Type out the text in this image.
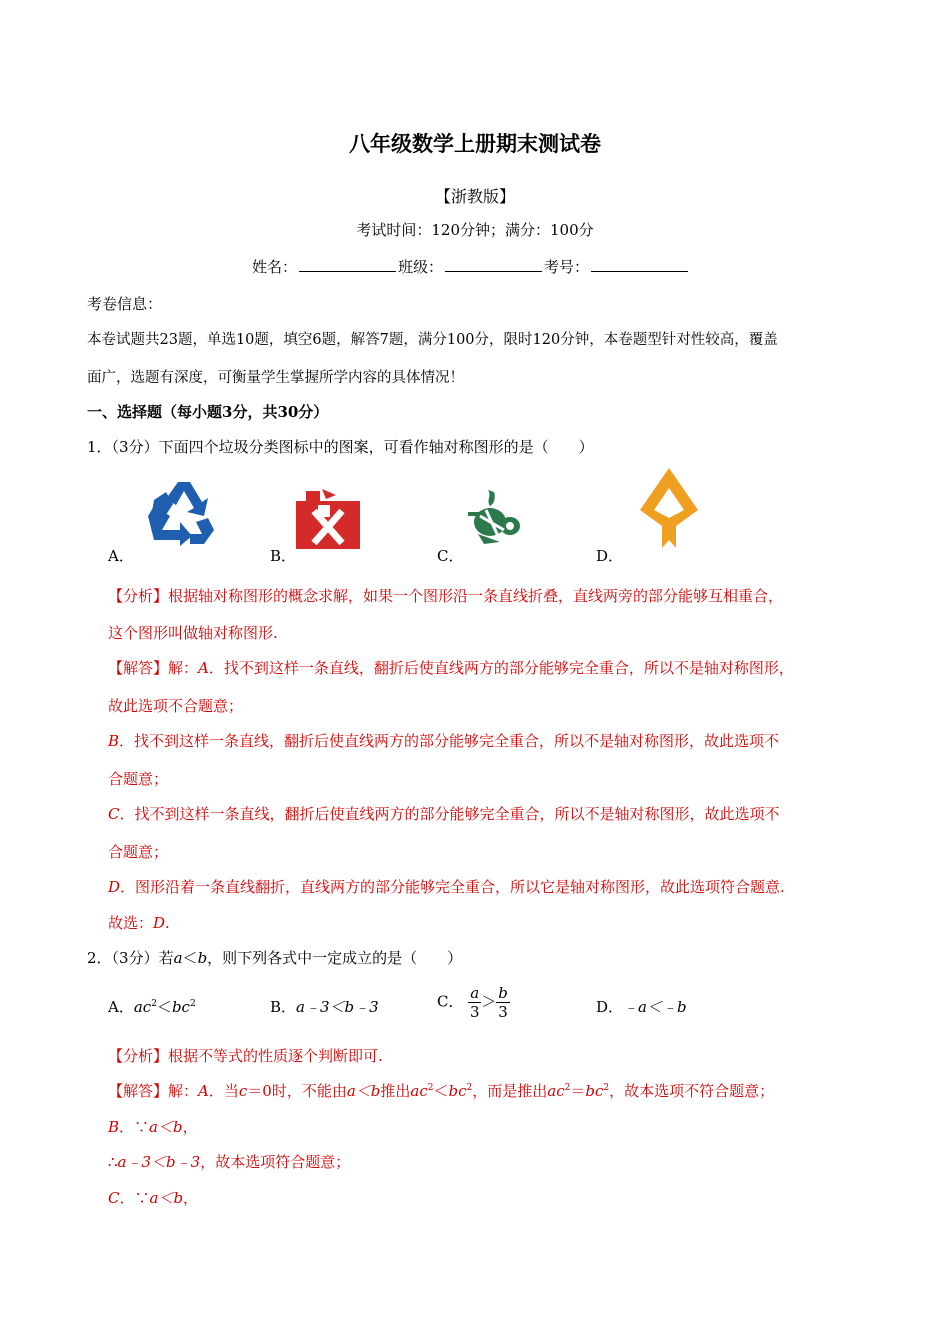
八年级数学上册期末测试卷
【浙教版】
考试时间：120分钟；满分：100分
姓名：	班级：	考号：
考卷信息：
本卷试题共23题，单选10题，填空6题，解答7题，满分100分，限时120分钟，本卷题型针对性较高，覆盖
面广，选题有深度，可衡量学生掌握所学内容的具体情况！
一、选择题（每小题3分，共30分）
1．（3分）下面四个垃圾分类图标中的图案，可看作轴对称图形的是（　　）
A．	B．	C．	D．
【分析】根据轴对称图形的概念求解，如果一个图形沿一条直线折叠，直线两旁的部分能够互相重合，
这个图形叫做轴对称图形.
【解答】解：A．找不到这样一条直线，翻折后使直线两方的部分能够完全重合，所以不是轴对称图形，
故此选项不合题意；
B．找不到这样一条直线，翻折后使直线两方的部分能够完全重合，所以不是轴对称图形，故此选项不
合题意；
C．找不到这样一条直线，翻折后使直线两方的部分能够完全重合，所以不是轴对称图形，故此选项不
合题意；
D．图形沿着一条直线翻折，直线两方的部分能够完全重合，所以它是轴对称图形，故此选项符合题意.
故选：D.
2．（3分）若a＜b，则下列各式中一定成立的是（　　）
A．$ac^2<bc^2$	B．a﹣3＜b﹣3	C． $\frac{a}{3} > \frac{b}{3}$	D．﹣a＜﹣b
【分析】根据不等式的性质逐个判断即可.
【解答】解：A．当c＝0时，不能由a＜b推出$ac^2<bc^2$，而是推出$ac^2=bc^2$，故本选项不符合题意；
B．∵a＜b，
∴a﹣3＜b﹣3，故本选项符合题意；
C．∵a＜b，
